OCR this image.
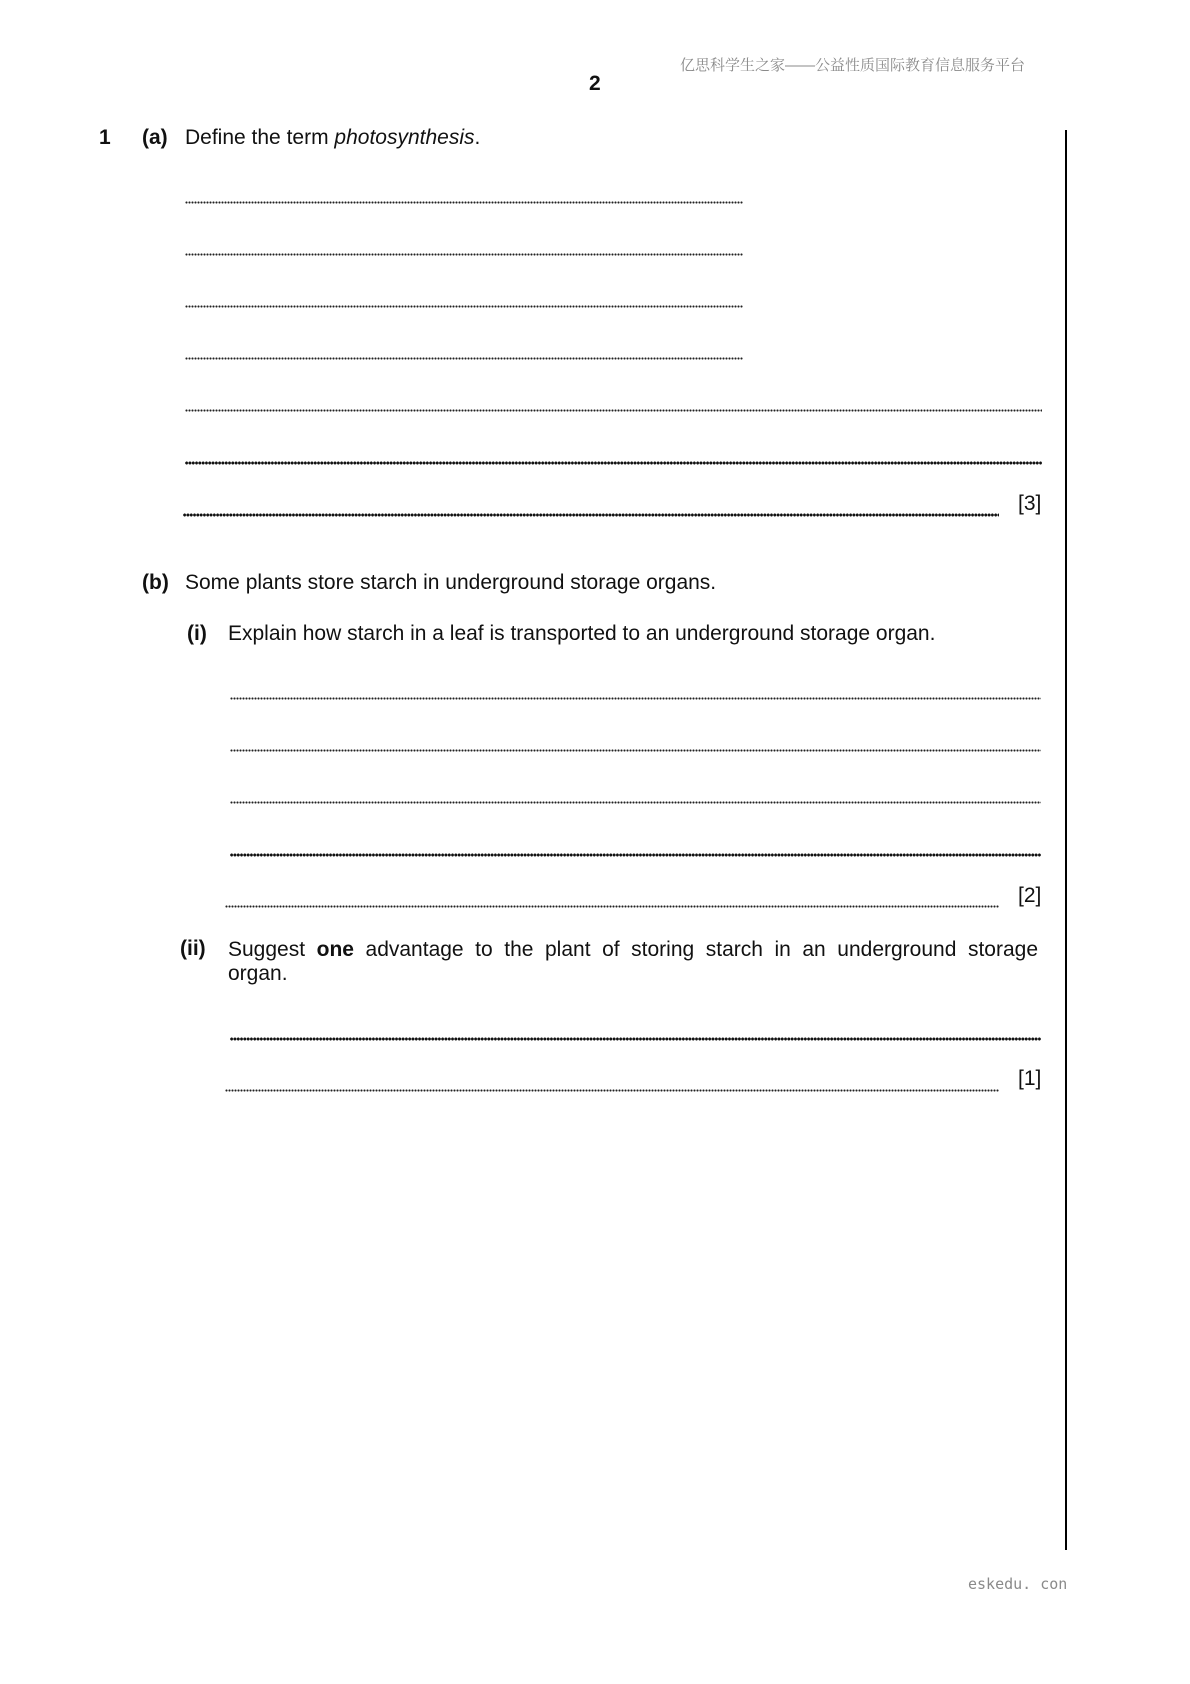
亿思科学生之家——公益性质国际教育信息服务平台
2
1 (a) Define the term photosynthesis.
[3]
(b) Some plants store starch in underground storage organs.
(i) Explain how starch in a leaf is transported to an underground storage organ.
[2]
(ii) Suggest one advantage to the plant of storing starch in an underground storage
organ.
[1]
eskedu. con
